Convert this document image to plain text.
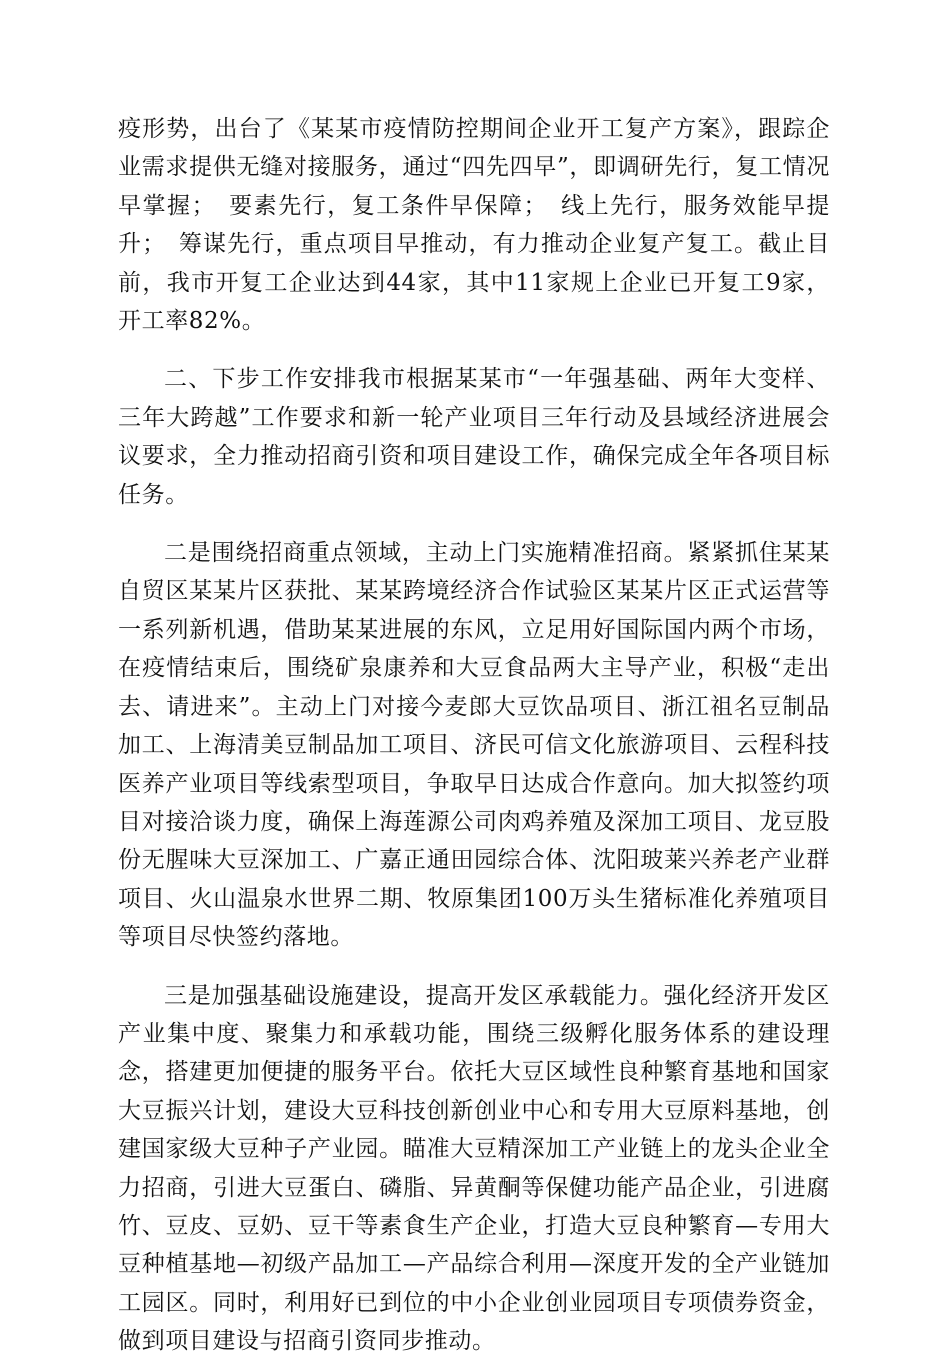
疫形势，出台了《某某市疫情防控期间企业开工复产方案》，跟踪企业需求提供无缝对接服务，通过“四先四早”，即调研先行，复工情况早掌握；　要素先行，复工条件早保障；　线上先行，服务效能早提升；　筹谋先行，重点项目早推动，有力推动企业复产复工。截止目前，我市开复工企业达到44家，其中11家规上企业已开复工9家，开工率82%。

二、下步工作安排我市根据某某市“一年强基础、两年大变样、三年大跨越”工作要求和新一轮产业项目三年行动及县域经济进展会议要求，全力推动招商引资和项目建设工作，确保完成全年各项目标任务。

二是围绕招商重点领域，主动上门实施精准招商。紧紧抓住某某自贸区某某片区获批、某某跨境经济合作试验区某某片区正式运营等一系列新机遇，借助某某进展的东风，立足用好国际国内两个市场，在疫情结束后，围绕矿泉康养和大豆食品两大主导产业，积极“走出去、请进来”。主动上门对接今麦郎大豆饮品项目、浙江祖名豆制品加工、上海清美豆制品加工项目、济民可信文化旅游项目、云程科技医养产业项目等线索型项目，争取早日达成合作意向。加大拟签约项目对接洽谈力度，确保上海莲源公司肉鸡养殖及深加工项目、龙豆股份无腥味大豆深加工、广嘉正通田园综合体、沈阳玻莱兴养老产业群项目、火山温泉水世界二期、牧原集团100万头生猪标准化养殖项目等项目尽快签约落地。

三是加强基础设施建设，提高开发区承载能力。强化经济开发区产业集中度、聚集力和承载功能，围绕三级孵化服务体系的建设理念，搭建更加便捷的服务平台。依托大豆区域性良种繁育基地和国家大豆振兴计划，建设大豆科技创新创业中心和专用大豆原料基地，创建国家级大豆种子产业园。瞄准大豆精深加工产业链上的龙头企业全力招商，引进大豆蛋白、磷脂、异黄酮等保健功能产品企业，引进腐竹、豆皮、豆奶、豆干等素食生产企业，打造大豆良种繁育—专用大豆种植基地—初级产品加工—产品综合利用—深度开发的全产业链加工园区。同时，利用好已到位的中小企业创业园项目专项债券资金，做到项目建设与招商引资同步推动。
